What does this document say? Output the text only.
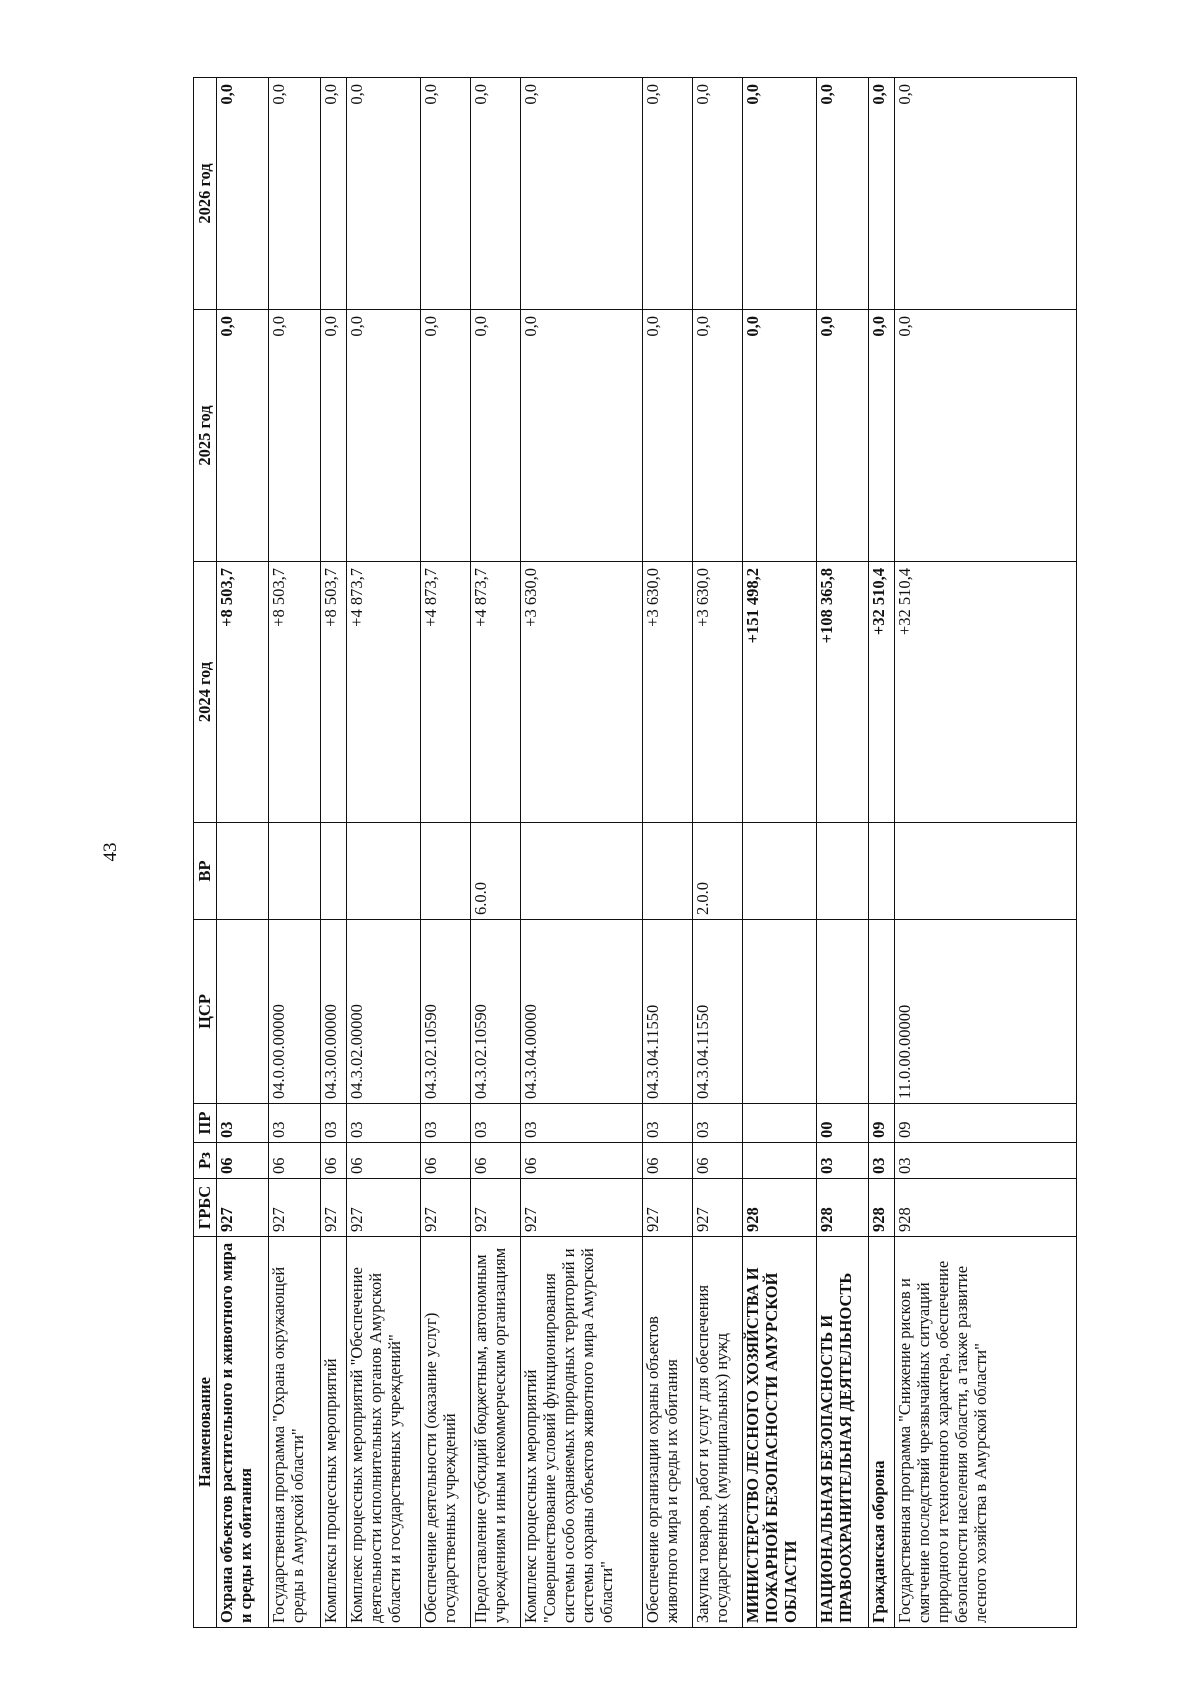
43
Наименование	ГРБС	Рз	ПР	ЦСР	ВР	2024 год	2025 год	2026 год
Охрана объектов растительного и животного мира и среды их обитания	927	06	03			+8 503,7	0,0	0,0
Государственная программа "Охрана окружающей среды в Амурской области"	927	06	03	04.0.00.00000		+8 503,7	0,0	0,0
Комплексы процессных мероприятий	927	06	03	04.3.00.00000		+8 503,7	0,0	0,0
Комплекс процессных мероприятий "Обеспечение деятельности исполнительных органов Амурской области и государственных учреждений"	927	06	03	04.3.02.00000		+4 873,7	0,0	0,0
Обеспечение деятельности (оказание услуг) государственных учреждений	927	06	03	04.3.02.10590		+4 873,7	0,0	0,0
Предоставление субсидий бюджетным, автономным учреждениям и иным некоммерческим организациям	927	06	03	04.3.02.10590	6.0.0	+4 873,7	0,0	0,0
Комплекс процессных мероприятий "Совершенствование условий функционирования системы особо охраняемых природных территорий и системы охраны объектов животного мира Амурской области"	927	06	03	04.3.04.00000		+3 630,0	0,0	0,0
Обеспечение организации охраны объектов животного мира и среды их обитания	927	06	03	04.3.04.11550		+3 630,0	0,0	0,0
Закупка товаров, работ и услуг для обеспечения государственных (муниципальных) нужд	927	06	03	04.3.04.11550	2.0.0	+3 630,0	0,0	0,0
МИНИСТЕРСТВО ЛЕСНОГО ХОЗЯЙСТВА И ПОЖАРНОЙ БЕЗОПАСНОСТИ АМУРСКОЙ ОБЛАСТИ	928					+151 498,2	0,0	0,0
НАЦИОНАЛЬНАЯ БЕЗОПАСНОСТЬ И ПРАВООХРАНИТЕЛЬНАЯ ДЕЯТЕЛЬНОСТЬ	928	03	00			+108 365,8	0,0	0,0
Гражданская оборона	928	03	09			+32 510,4	0,0	0,0
Государственная программа "Снижение рисков и смягчение последствий чрезвычайных ситуаций природного и техногенного характера, обеспечение безопасности населения области, а также развитие лесного хозяйства в Амурской области"	928	03	09	11.0.00.00000		+32 510,4	0,0	0,0
